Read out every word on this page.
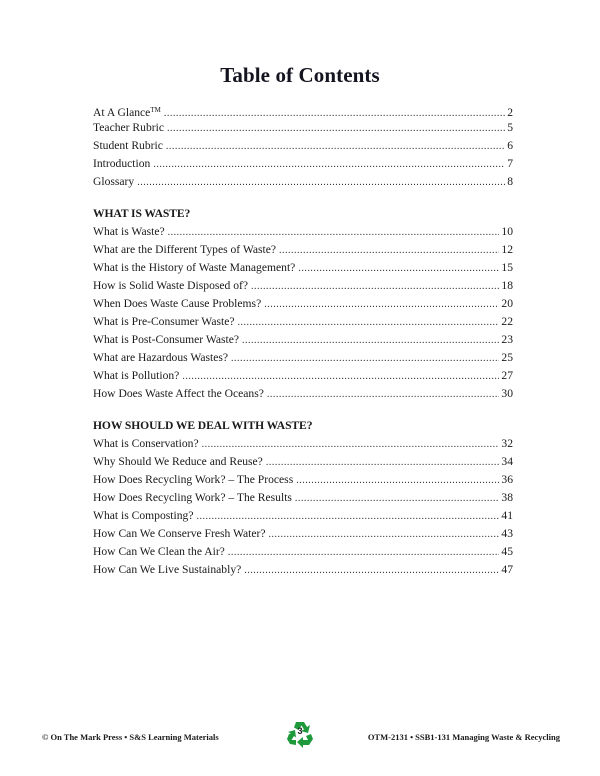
Table of Contents
At A Glance™ .....	2
Teacher Rubric .....	5
Student Rubric .....	6
Introduction .....	7
Glossary .....	8
WHAT IS WASTE?
What is Waste? .....	10
What are the Different Types of Waste? .....	12
What is the History of Waste Management? .....	15
How is Solid Waste Disposed of? .....	18
When Does Waste Cause Problems? .....	20
What is Pre-Consumer Waste? .....	22
What is Post-Consumer Waste? .....	23
What are Hazardous Wastes? .....	25
What is Pollution? .....	27
How Does Waste Affect the Oceans? .....	30
HOW SHOULD WE DEAL WITH WASTE?
What is Conservation? .....	32
Why Should We Reduce and Reuse? .....	34
How Does Recycling Work? – The Process .....	36
How Does Recycling Work? – The Results .....	38
What is Composting? .....	41
How Can We Conserve Fresh Water? .....	43
How Can We Clean the Air? .....	45
How Can We Live Sustainably? .....	47
© On The Mark Press • S&S Learning Materials
3
OTM-2131 • SSB1-131 Managing Waste & Recycling
